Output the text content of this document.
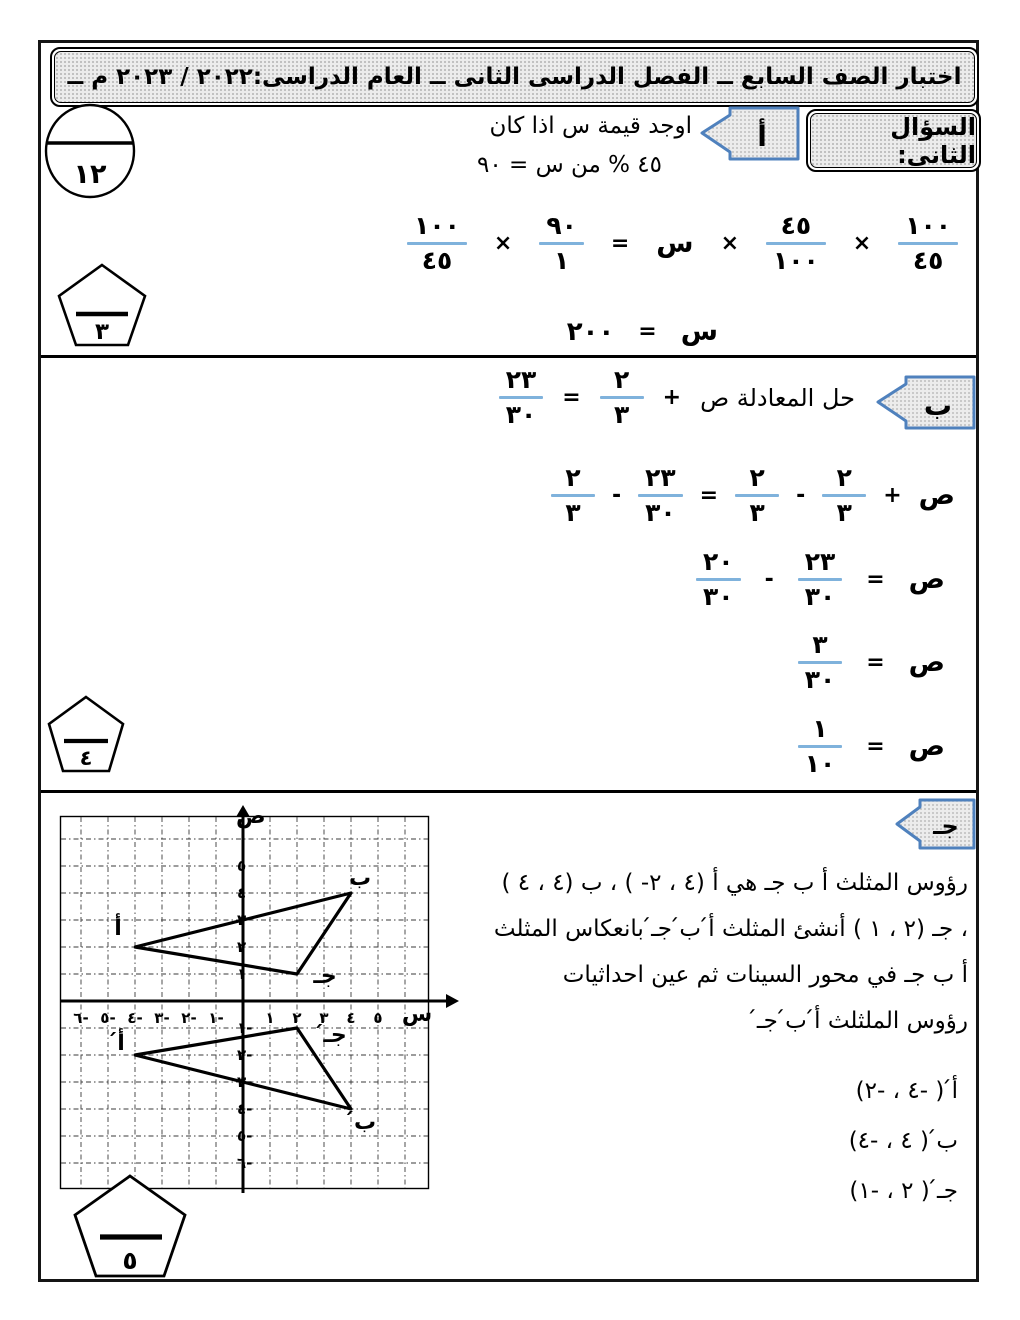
اختبار الصف السابع ــ الفصل الدراسى الثانى ــ العام الدراسى:٢٠٢٢ / ٢٠٢٣ م ــ
١٢
السؤال الثانى:
أ
اوجد قيمة س اذا كان
٤٥ % من س = ٩٠
$\frac{١٠٠}{٤٥}$
×
$\frac{٤٥}{١٠٠}$
×
س
=
$\frac{٩٠}{١}$
×
$\frac{١٠٠}{٤٥}$
س
=
٢٠٠
٣
ب
حل المعادلة ص
+
$\frac{٢}{٣}$
=
$\frac{٢٣}{٣٠}$
ص
+
$\frac{٢}{٣}$
-
$\frac{٢}{٣}$
=
$\frac{٢٣}{٣٠}$
-
$\frac{٢}{٣}$
ص
=
$\frac{٢٣}{٣٠}$
-
$\frac{٢٠}{٣٠}$
ص
=
$\frac{٣}{٣٠}$
ص
=
$\frac{١}{١٠}$
٤
جـ
رؤوس المثلث أ ب جـ هي أ ( -٤ ، ٢) ، ب ( ٤ ، ٤)
، جـ ( ٢ ، ١) أنشئ المثلث أ́ ب́ جـ́ بانعكاس المثلث
أ ب جـ في محور السينات ثم عين احداثيات
رؤوس الملثلث أ́ ب́ جـ́
أ́ ( -٤ ، -٢)
ب́ ( ٤ ، -٤)
جـ́ ( ٢ ، -١)
١ ٢ ٣ ٤ ٥
-١
-٢
-٣
-٤
-٥
-٦
١
٢
٣
٤
٥
-١
-٢
-٣
-٤
-٥
-٦
ص
س
أ
ب
جـ
أ́
ب́
جـ́
٥
